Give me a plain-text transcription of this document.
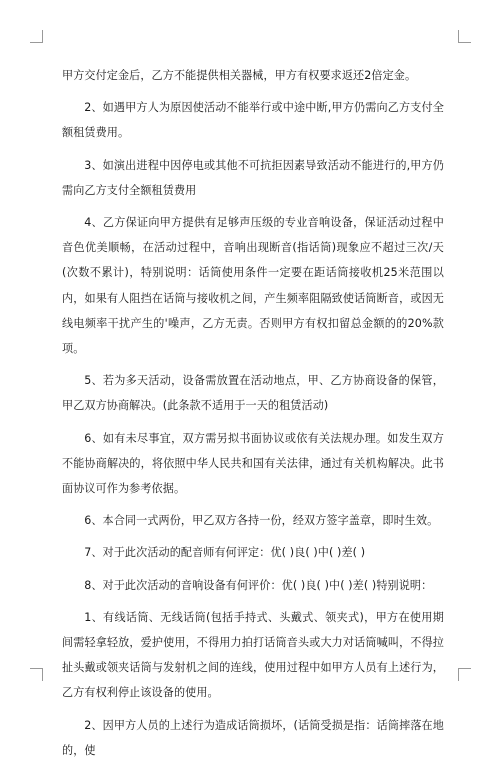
甲方交付定金后，乙方不能提供相关器械，甲方有权要求返还2倍定金。

2、如遇甲方人为原因使活动不能举行或中途中断,甲方仍需向乙方支付全额租赁费用。

3、如演出进程中因停电或其他不可抗拒因素导致活动不能进行的,甲方仍需向乙方支付全额租赁费用

4、乙方保证向甲方提供有足够声压级的专业音响设备，保证活动过程中音色优美顺畅，在活动过程中，音响出现断音(指话筒)现象应不超过三次/天(次数不累计)，特别说明：话筒使用条件一定要在距话筒接收机25米范围以内，如果有人阻挡在话筒与接收机之间，产生频率阻隔致使话筒断音，或因无线电频率干扰产生的'噪声，乙方无责。否则甲方有权扣留总金额的的20%款项。

5、若为多天活动，设备需放置在活动地点，甲、乙方协商设备的保管，甲乙双方协商解决。(此条款不适用于一天的租赁活动)

6、如有未尽事宜，双方需另拟书面协议或依有关法规办理。如发生双方不能协商解决的，将依照中华人民共和国有关法律，通过有关机构解决。此书面协议可作为参考依据。

6、本合同一式两份，甲乙双方各持一份，经双方签字盖章，即时生效。

7、对于此次活动的配音师有何评定：优( )良( )中( )差( )

8、对于此次活动的音响设备有何评价：优( )良( )中( )差( )特别说明：

1、有线话筒、无线话筒(包括手持式、头戴式、领夹式)，甲方在使用期间需轻拿轻放，爱护使用，不得用力拍打话筒音头或大力对话筒喊叫，不得拉扯头戴或领夹话筒与发射机之间的连线，使用过程中如甲方人员有上述行为，乙方有权利停止该设备的使用。

2、因甲方人员的上述行为造成话筒损坏，(话筒受损是指：话筒摔落在地的，使
